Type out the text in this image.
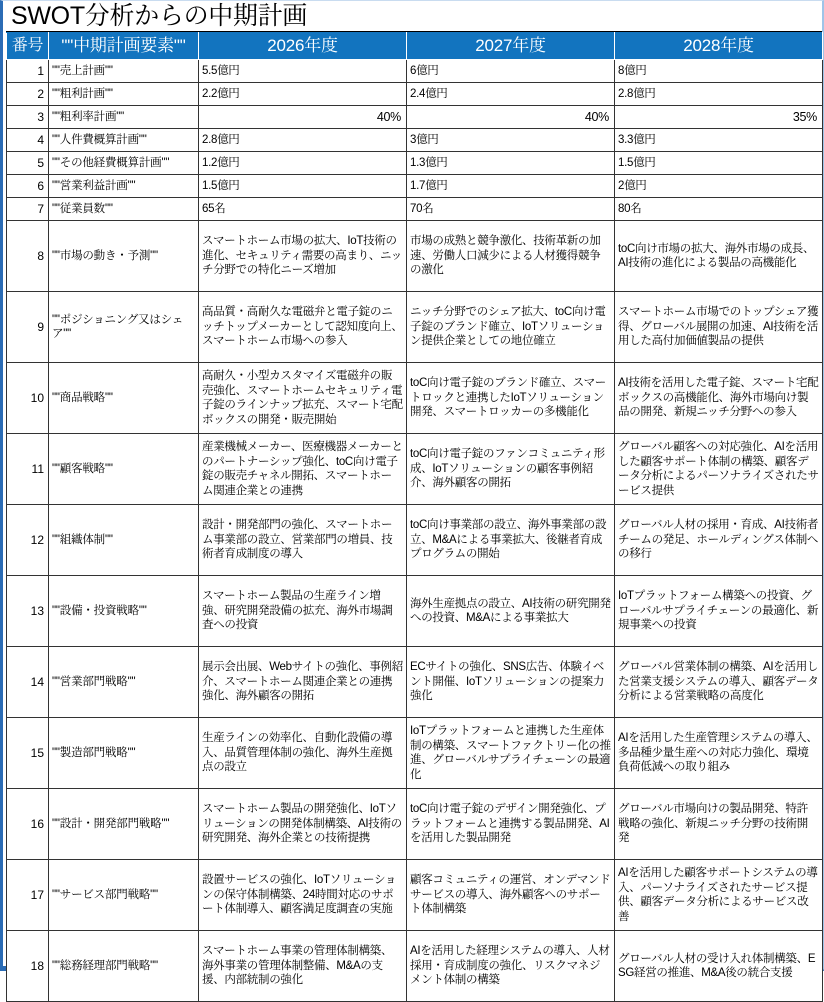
SWOT分析からの中期計画
番号	""中期計画要素""	2026年度	2027年度	2028年度
1	""売上計画""	5.5億円	6億円	8億円
2	""粗利計画""	2.2億円	2.4億円	2.8億円
3	""粗利率計画""	40%	40%	35%
4	""人件費概算計画""	2.8億円	3億円	3.3億円
5	""その他経費概算計画""	1.2億円	1.3億円	1.5億円
6	""営業利益計画""	1.5億円	1.7億円	2億円
7	""従業員数""	65名	70名	80名
8	""市場の動き・予測""	スマートホーム市場の拡大、IoT技術の進化、セキュリティ需要の高まり、ニッチ分野での特化ニーズ増加	市場の成熟と競争激化、技術革新の加速、労働人口減少による人材獲得競争の激化	toC向け市場の拡大、海外市場の成長、AI技術の進化による製品の高機能化
9	""ポジショニング又はシェア""	高品質・高耐久な電磁弁と電子錠のニッチトップメーカーとして認知度向上、スマートホーム市場への参入	ニッチ分野でのシェア拡大、toC向け電子錠のブランド確立、IoTソリューション提供企業としての地位確立	スマートホーム市場でのトップシェア獲得、グローバル展開の加速、AI技術を活用した高付加価値製品の提供
10	""商品戦略""	高耐久・小型カスタマイズ電磁弁の販売強化、スマートホームセキュリティ電子錠のラインナップ拡充、スマート宅配ボックスの開発・販売開始	toC向け電子錠のブランド確立、スマートロックと連携したIoTソリューション開発、スマートロッカーの多機能化	AI技術を活用した電子錠、スマート宅配ボックスの高機能化、海外市場向け製品の開発、新規ニッチ分野への参入
11	""顧客戦略""	産業機械メーカー、医療機器メーカーとのパートナーシップ強化、toC向け電子錠の販売チャネル開拓、スマートホーム関連企業との連携	toC向け電子錠のファンコミュニティ形成、IoTソリューションの顧客事例紹介、海外顧客の開拓	グローバル顧客への対応強化、AIを活用した顧客サポート体制の構築、顧客データ分析によるパーソナライズされたサービス提供
12	""組織体制""	設計・開発部門の強化、スマートホーム事業部の設立、営業部門の増員、技術者育成制度の導入	toC向け事業部の設立、海外事業部の設立、M&Aによる事業拡大、後継者育成プログラムの開始	グローバル人材の採用・育成、AI技術者チームの発足、ホールディングス体制への移行
13	""設備・投資戦略""	スマートホーム製品の生産ライン増強、研究開発設備の拡充、海外市場調査への投資	海外生産拠点の設立、AI技術の研究開発への投資、M&Aによる事業拡大	IoTプラットフォーム構築への投資、グローバルサプライチェーンの最適化、新規事業への投資
14	""営業部門戦略""	展示会出展、Webサイトの強化、事例紹介、スマートホーム関連企業との連携強化、海外顧客の開拓	ECサイトの強化、SNS広告、体験イベント開催、IoTソリューションの提案力強化	グローバル営業体制の構築、AIを活用した営業支援システムの導入、顧客データ分析による営業戦略の高度化
15	""製造部門戦略""	生産ラインの効率化、自動化設備の導入、品質管理体制の強化、海外生産拠点の設立	IoTプラットフォームと連携した生産体制の構築、スマートファクトリー化の推進、グローバルサプライチェーンの最適化	AIを活用した生産管理システムの導入、多品種少量生産への対応力強化、環境負荷低減への取り組み
16	""設計・開発部門戦略""	スマートホーム製品の開発強化、IoTソリューションの開発体制構築、AI技術の研究開発、海外企業との技術提携	toC向け電子錠のデザイン開発強化、プラットフォームと連携する製品開発、AIを活用した製品開発	グローバル市場向けの製品開発、特許戦略の強化、新規ニッチ分野の技術開発
17	""サービス部門戦略""	設置サービスの強化、IoTソリューションの保守体制構築、24時間対応のサポート体制導入、顧客満足度調査の実施	顧客コミュニティの運営、オンデマンドサービスの導入、海外顧客へのサポート体制構築	AIを活用した顧客サポートシステムの導入、パーソナライズされたサービス提供、顧客データ分析によるサービス改善
18	""総務経理部門戦略""	スマートホーム事業の管理体制構築、海外事業の管理体制整備、M&Aの支援、内部統制の強化	AIを活用した経理システムの導入、人材採用・育成制度の強化、リスクマネジメント体制の構築	グローバル人材の受け入れ体制構築、ESG経営の推進、M&A後の統合支援
